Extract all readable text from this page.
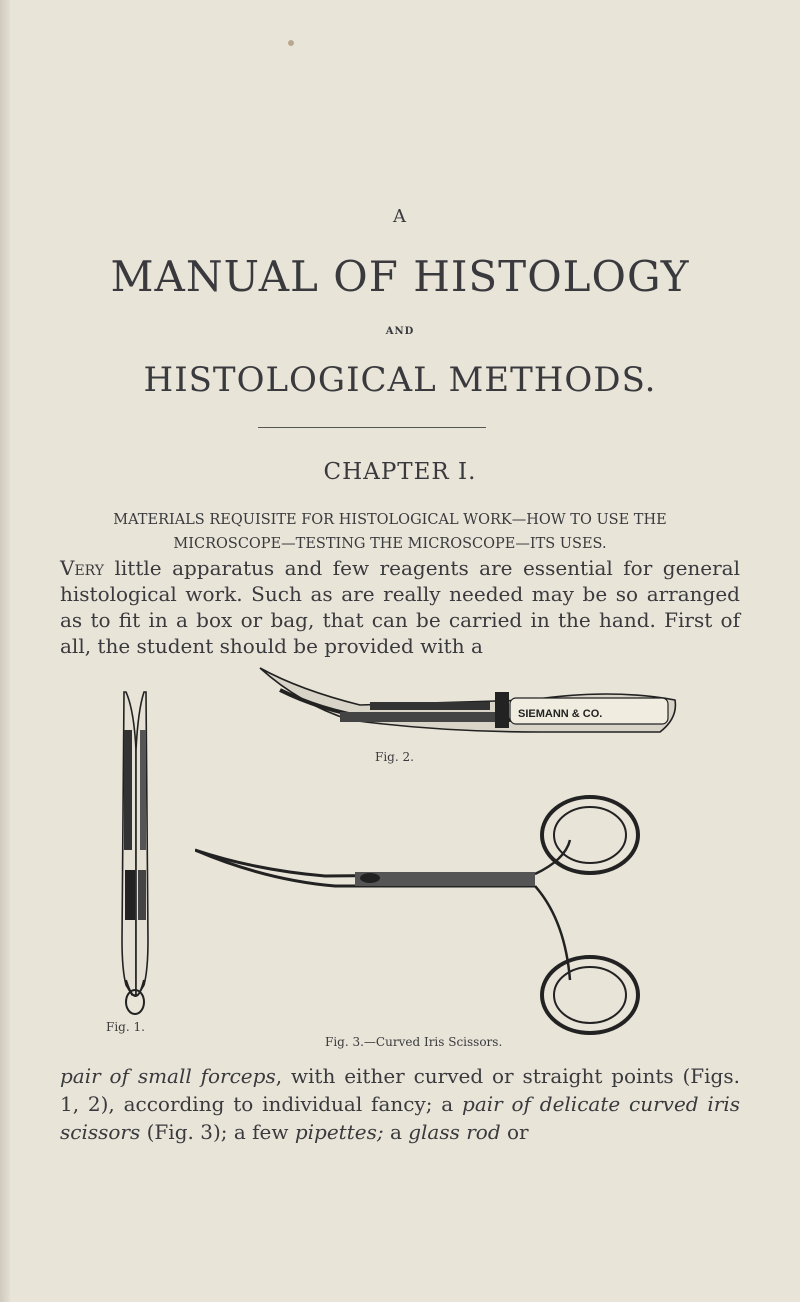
A
MANUAL OF HISTOLOGY
AND
HISTOLOGICAL METHODS.
CHAPTER I.
MATERIALS REQUISITE FOR HISTOLOGICAL WORK—HOW TO USE THE MICROSCOPE—TESTING THE MICROSCOPE—ITS USES.
Very little apparatus and few reagents are essential for general histological work. Such as are really needed may be so arranged as to fit in a box or bag, that can be carried in the hand. First of all, the student should be provided with a
Fig. 1.
SIEMANN & CO.
Fig. 2.
Fig. 3.—Curved Iris Scissors.
pair of small forceps, with either curved or straight points (Figs. 1, 2), according to individual fancy; a pair of delicate curved iris scissors (Fig. 3); a few pipettes; a glass rod or
